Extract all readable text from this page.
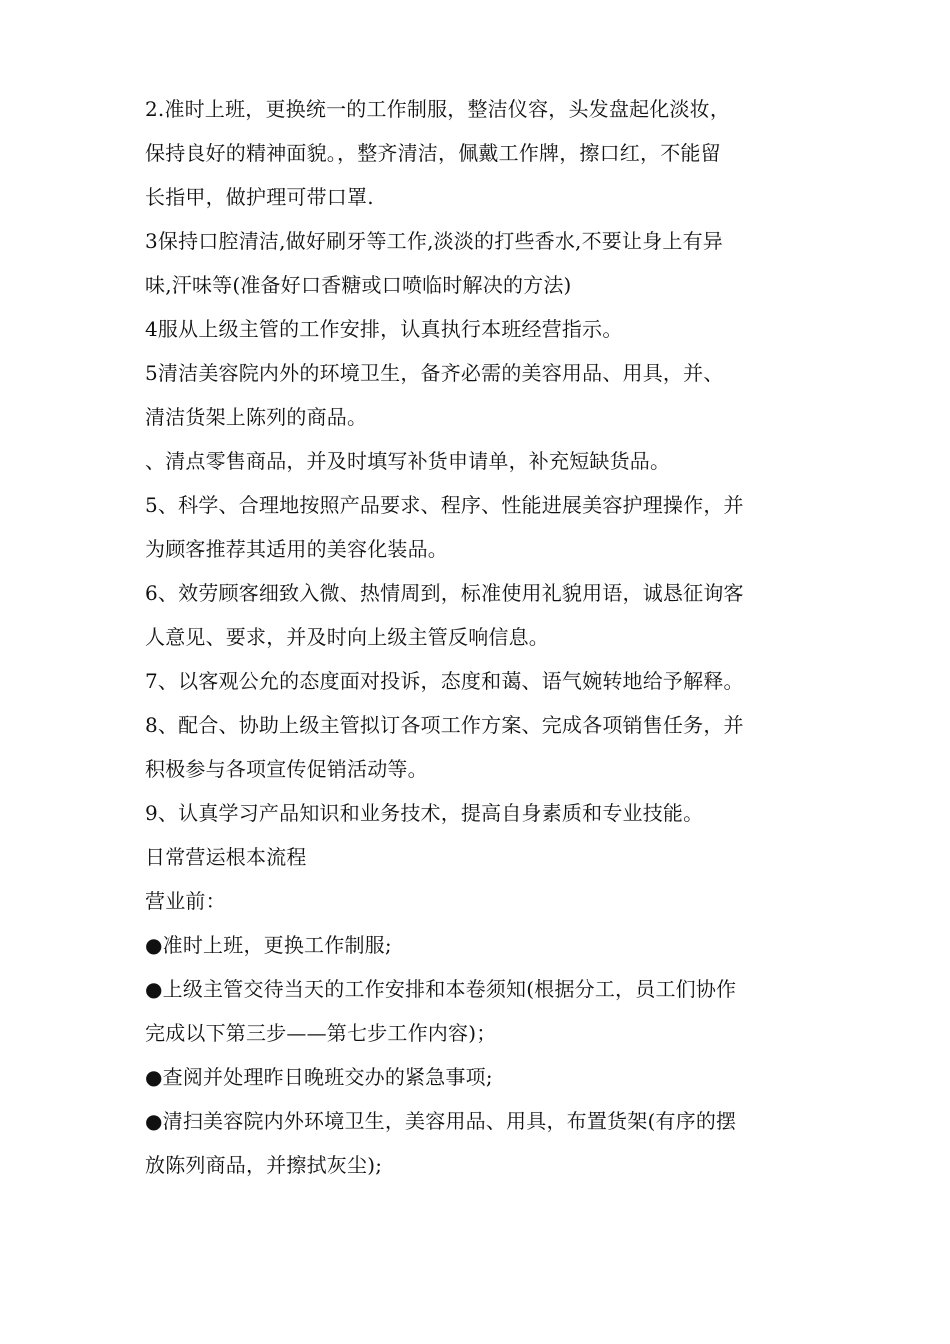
2.准时上班，更换统一的工作制服，整洁仪容，头发盘起化淡妆，

保持良好的精神面貌。，整齐清洁，佩戴工作牌，擦口红，不能留

长指甲，做护理可带口罩.

3保持口腔清洁,做好刷牙等工作,淡淡的打些香水,不要让身上有异

味,汗味等(准备好口香糖或口喷临时解决的方法)

4服从上级主管的工作安排，认真执行本班经营指示。

5清洁美容院内外的环境卫生，备齐必需的美容用品、用具，并、

清洁货架上陈列的商品。

、清点零售商品，并及时填写补货申请单，补充短缺货品。

5、科学、合理地按照产品要求、程序、性能进展美容护理操作，并

为顾客推荐其适用的美容化装品。

6、效劳顾客细致入微、热情周到，标准使用礼貌用语，诚恳征询客

人意见、要求，并及时向上级主管反响信息。

7、以客观公允的态度面对投诉，态度和蔼、语气婉转地给予解释。

8、配合、协助上级主管拟订各项工作方案、完成各项销售任务，并

积极参与各项宣传促销活动等。

9、认真学习产品知识和业务技术，提高自身素质和专业技能。

日常营运根本流程

营业前：

●准时上班，更换工作制服;

●上级主管交待当天的工作安排和本卷须知(根据分工，员工们协作

完成以下第三步——第七步工作内容)；

●查阅并处理昨日晚班交办的紧急事项;

●清扫美容院内外环境卫生，美容用品、用具，布置货架(有序的摆

放陈列商品，并擦拭灰尘);
